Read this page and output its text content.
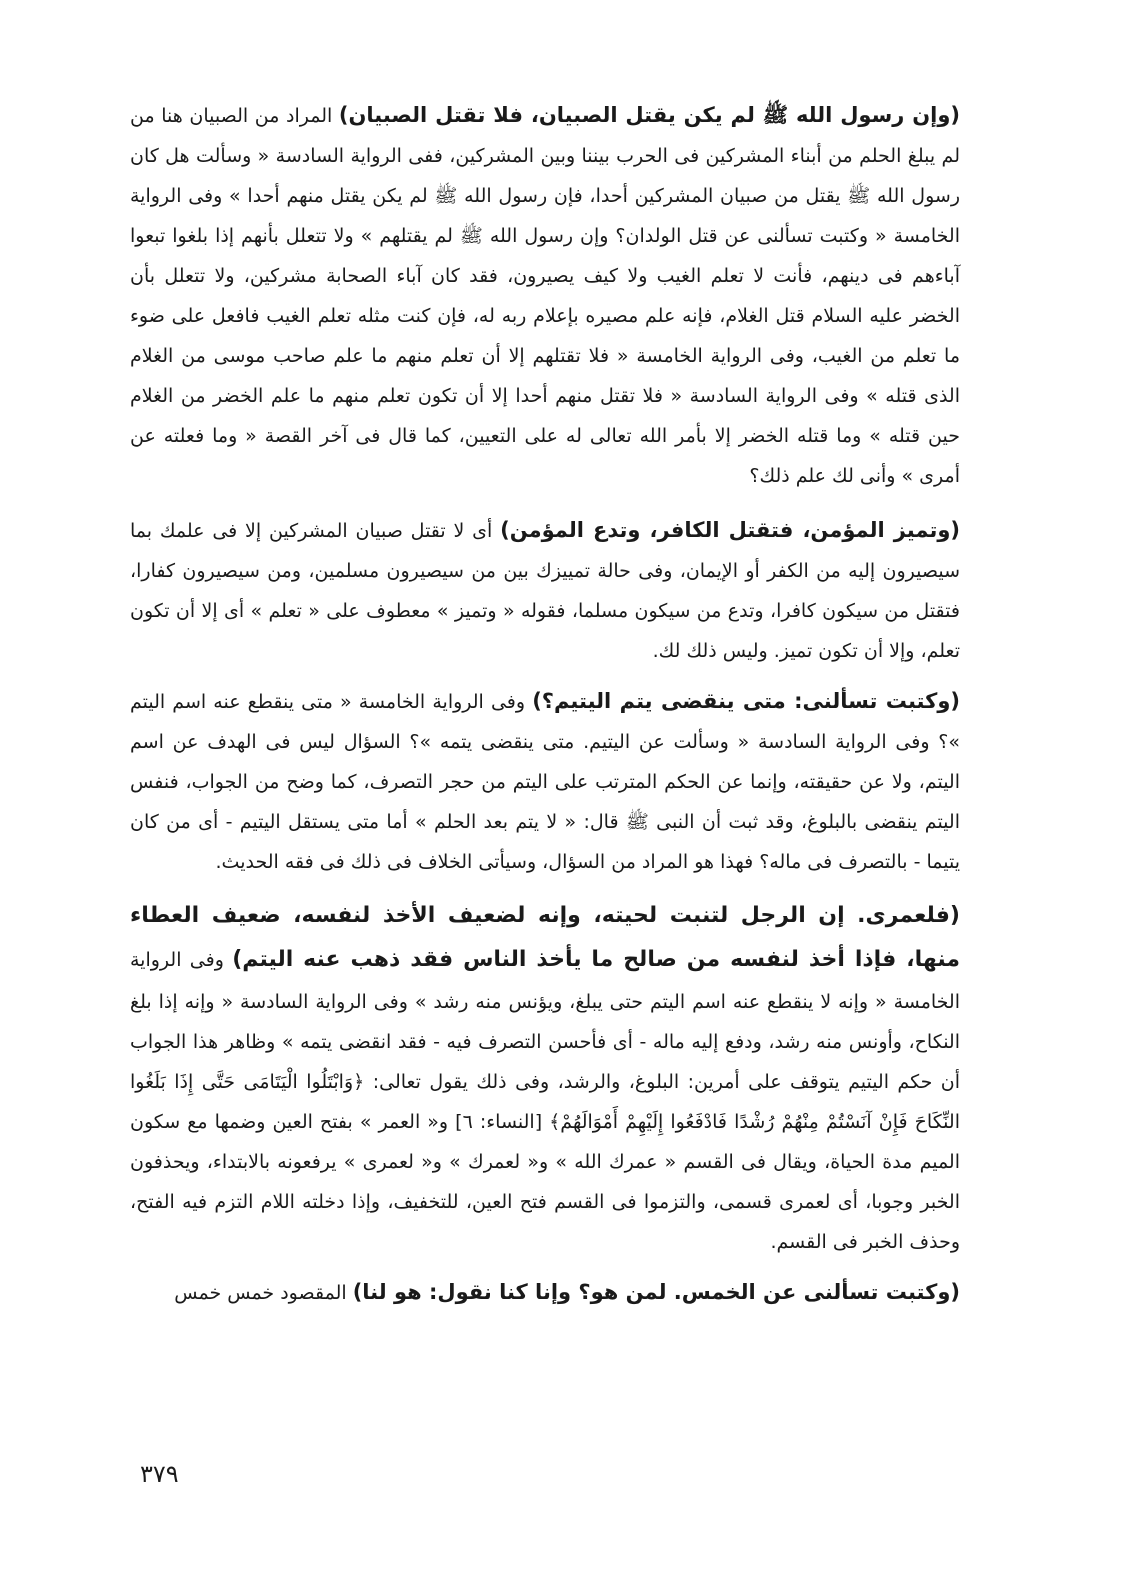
(وإن رسول الله ﷺ لم يكن يقتل الصبيان، فلا تقتل الصبيان) المراد من الصبيان هنا من لم يبلغ الحلم من أبناء المشركين فى الحرب بيننا وبين المشركين، ففى الرواية السادسة « وسألت هل كان رسول الله ﷺ يقتل من صبيان المشركين أحدا، فإن رسول الله ﷺ لم يكن يقتل منهم أحدا » وفى الرواية الخامسة « وكتبت تسألنى عن قتل الولدان؟ وإن رسول الله ﷺ لم يقتلهم » ولا تتعلل بأنهم إذا بلغوا تبعوا آباءهم فى دينهم، فأنت لا تعلم الغيب ولا كيف يصيرون، فقد كان آباء الصحابة مشركين، ولا تتعلل بأن الخضر عليه السلام قتل الغلام، فإنه علم مصيره بإعلام ربه له، فإن كنت مثله تعلم الغيب فافعل على ضوء ما تعلم من الغيب، وفى الرواية الخامسة « فلا تقتلهم إلا أن تعلم منهم ما علم صاحب موسى من الغلام الذى قتله » وفى الرواية السادسة « فلا تقتل منهم أحدا إلا أن تكون تعلم منهم ما علم الخضر من الغلام حين قتله » وما قتله الخضر إلا بأمر الله تعالى له على التعيين، كما قال فى آخر القصة « وما فعلته عن أمرى » وأنى لك علم ذلك؟

(وتميز المؤمن، فتقتل الكافر، وتدع المؤمن) أى لا تقتل صبيان المشركين إلا فى علمك بما سيصيرون إليه من الكفر أو الإيمان، وفى حالة تمييزك بين من سيصيرون مسلمين، ومن سيصيرون كفارا، فتقتل من سيكون كافرا، وتدع من سيكون مسلما، فقوله « وتميز » معطوف على « تعلم » أى إلا أن تكون تعلم، وإلا أن تكون تميز. وليس ذلك لك.

(وكتبت تسألنى: متى ينقضى يتم اليتيم؟) وفى الرواية الخامسة « متى ينقطع عنه اسم اليتم »؟ وفى الرواية السادسة « وسألت عن اليتيم. متى ينقضى يتمه »؟ السؤال ليس فى الهدف عن اسم اليتم، ولا عن حقيقته، وإنما عن الحكم المترتب على اليتم من حجر التصرف، كما وضح من الجواب، فنفس اليتم ينقضى بالبلوغ، وقد ثبت أن النبى ﷺ قال: « لا يتم بعد الحلم » أما متى يستقل اليتيم - أى من كان يتيما - بالتصرف فى ماله؟ فهذا هو المراد من السؤال، وسيأتى الخلاف فى ذلك فى فقه الحديث.

(فلعمرى. إن الرجل لتنبت لحيته، وإنه لضعيف الأخذ لنفسه، ضعيف العطاء منها، فإذا أخذ لنفسه من صالح ما يأخذ الناس فقد ذهب عنه اليتم) وفى الرواية الخامسة « وإنه لا ينقطع عنه اسم اليتم حتى يبلغ، ويؤنس منه رشد » وفى الرواية السادسة « وإنه إذا بلغ النكاح، وأونس منه رشد، ودفع إليه ماله - أى فأحسن التصرف فيه - فقد انقضى يتمه » وظاهر هذا الجواب أن حكم اليتيم يتوقف على أمرين: البلوغ، والرشد، وفى ذلك يقول تعالى: ﴿وَابْتَلُوا الْيَتَامَى حَتَّى إِذَا بَلَغُوا النِّكَاحَ فَإِنْ آنَسْتُمْ مِنْهُمْ رُشْدًا فَادْفَعُوا إِلَيْهِمْ أَمْوَالَهُمْ﴾ [النساء: ٦] و« العمر » بفتح العين وضمها مع سكون الميم مدة الحياة، ويقال فى القسم « عمرك الله » و« لعمرك » و« لعمرى » يرفعونه بالابتداء، ويحذفون الخبر وجوبا، أى لعمرى قسمى، والتزموا فى القسم فتح العين، للتخفيف، وإذا دخلته اللام التزم فيه الفتح، وحذف الخبر فى القسم.

(وكتبت تسألنى عن الخمس. لمن هو؟ وإنا كنا نقول: هو لنا) المقصود خمس خمس

٣٧٩
